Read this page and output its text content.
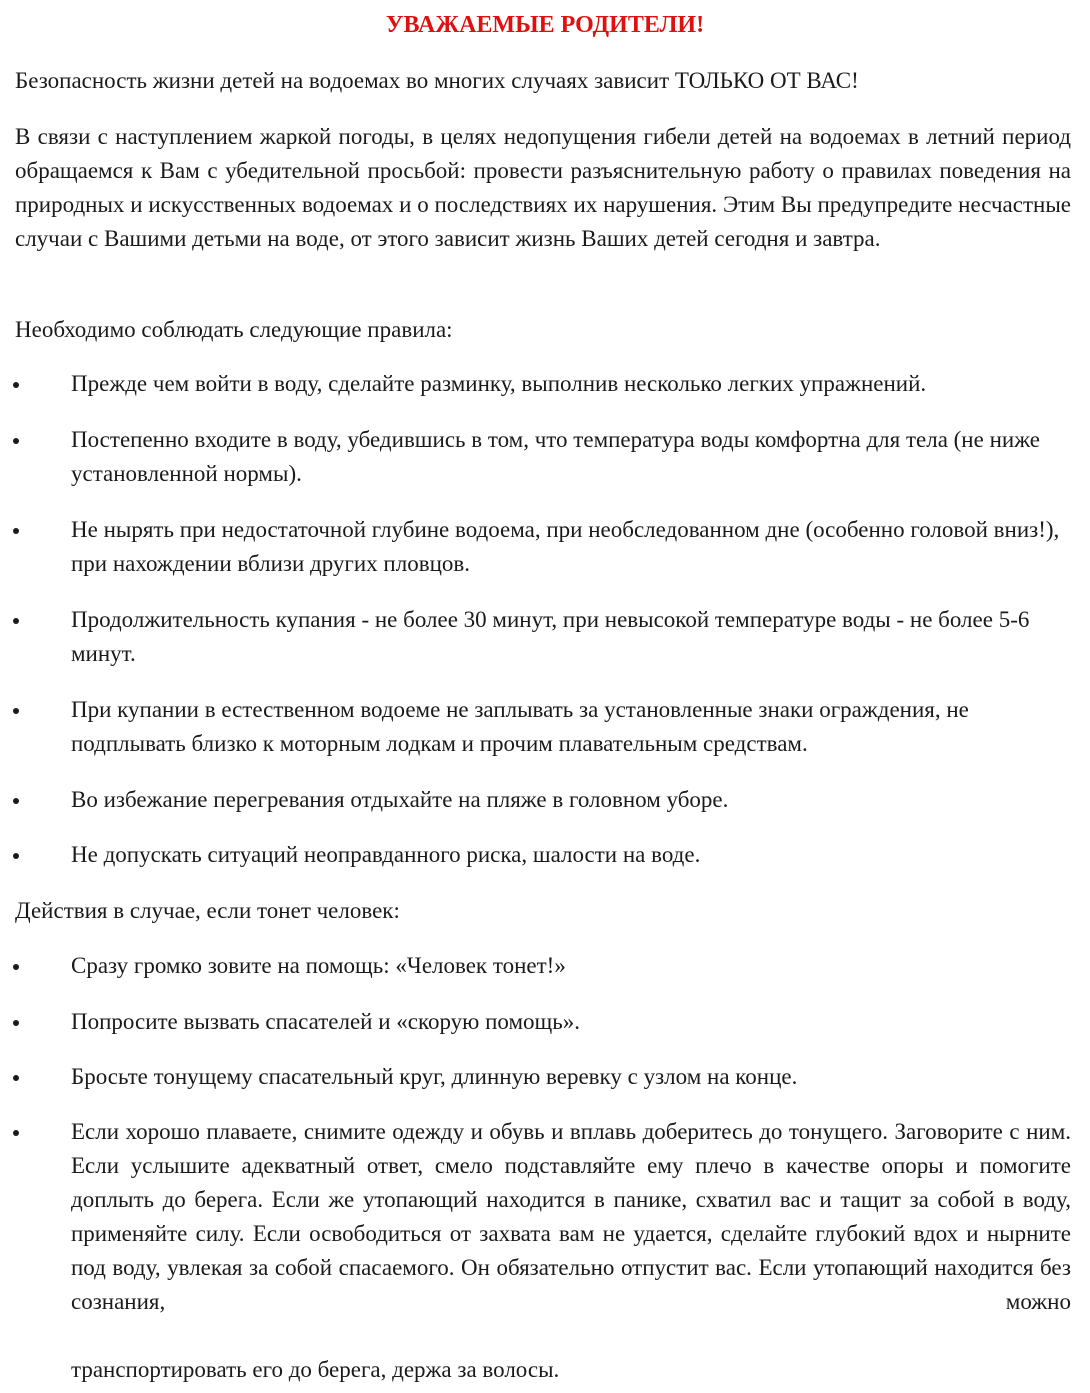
УВАЖАЕМЫЕ РОДИТЕЛИ!

Безопасность жизни детей на водоемах во многих случаях зависит ТОЛЬКО ОТ ВАС!

В связи с наступлением жаркой погоды, в целях недопущения гибели детей на водоемах в летний период обращаемся к Вам с убедительной просьбой: провести разъяснительную работу о правилах поведения на природных и искусственных водоемах и о последствиях их нарушения. Этим Вы предупредите несчастные случаи с Вашими детьми на воде, от этого зависит жизнь Ваших детей сегодня и завтра.

Необходимо соблюдать следующие правила:

Прежде чем войти в воду, сделайте разминку, выполнив несколько легких упражнений.

Постепенно входите в воду, убедившись в том, что температура воды комфортна для тела (не ниже установленной нормы).

Не нырять при недостаточной глубине водоема, при необследованном дне (особенно головой вниз!), при нахождении вблизи других пловцов.

Продолжительность купания - не более 30 минут, при невысокой температуре воды - не более 5-6 минут.

При купании в естественном водоеме не заплывать за установленные знаки ограждения, не подплывать близко к моторным лодкам и прочим плавательным средствам.

Во избежание перегревания отдыхайте на пляже в головном уборе.

Не допускать ситуаций неоправданного риска, шалости на воде.

Действия в случае, если тонет человек:

Сразу громко зовите на помощь: «Человек тонет!»

Попросите вызвать спасателей и «скорую помощь».

Бросьте тонущему спасательный круг, длинную веревку с узлом на конце.

Если хорошо плаваете, снимите одежду и обувь и вплавь доберитесь до тонущего. Заговорите с ним. Если услышите адекватный ответ, смело подставляйте ему плечо в качестве опоры и помогите доплыть до берега. Если же утопающий находится в панике, схватил вас и тащит за собой в воду, применяйте силу. Если освободиться от захвата вам не удается, сделайте глубокий вдох и нырните под воду, увлекая за собой спасаемого. Он обязательно отпустит вас. Если утопающий находится без сознания, можно

транспортировать его до берега, держа за волосы.
